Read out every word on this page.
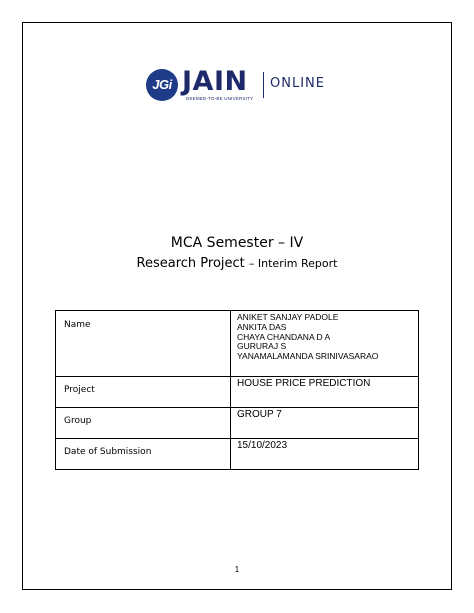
JGi JAIN
DEEMED-TO-BE UNIVERSITY
ONLINE
MCA Semester – IV
Research Project – Interim Report
Name	ANIKET SANJAY PADOLE
ANKITA DAS
CHAYA CHANDANA D A
GURURAJ S
YANAMALAMANDA SRINIVASARAO

Project	HOUSE PRICE PREDICTION
Group	GROUP 7
Date of Submission	15/10/2023
1
